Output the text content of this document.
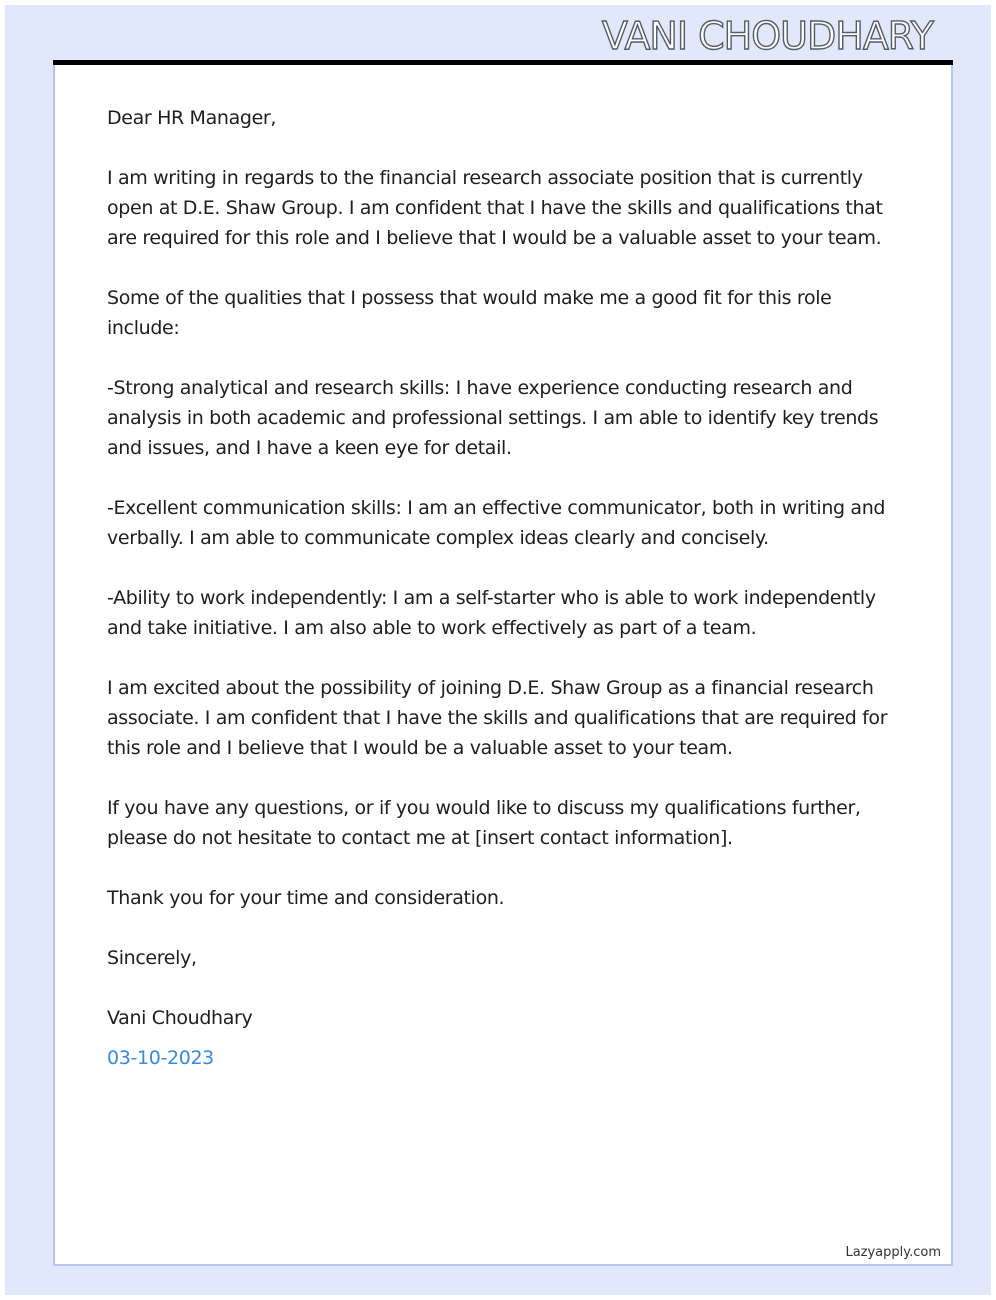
VANI CHOUDHARY

Dear HR Manager,

I am writing in regards to the financial research associate position that is currently open at D.E. Shaw Group. I am confident that I have the skills and qualifications that are required for this role and I believe that I would be a valuable asset to your team.

Some of the qualities that I possess that would make me a good fit for this role include:

-Strong analytical and research skills: I have experience conducting research and analysis in both academic and professional settings. I am able to identify key trends and issues, and I have a keen eye for detail.

-Excellent communication skills: I am an effective communicator, both in writing and verbally. I am able to communicate complex ideas clearly and concisely.

-Ability to work independently: I am a self-starter who is able to work independently and take initiative. I am also able to work effectively as part of a team.

I am excited about the possibility of joining D.E. Shaw Group as a financial research associate. I am confident that I have the skills and qualifications that are required for this role and I believe that I would be a valuable asset to your team.

If you have any questions, or if you would like to discuss my qualifications further, please do not hesitate to contact me at [insert contact information].

Thank you for your time and consideration.

Sincerely,

Vani Choudhary

03-10-2023

Lazyapply.com
